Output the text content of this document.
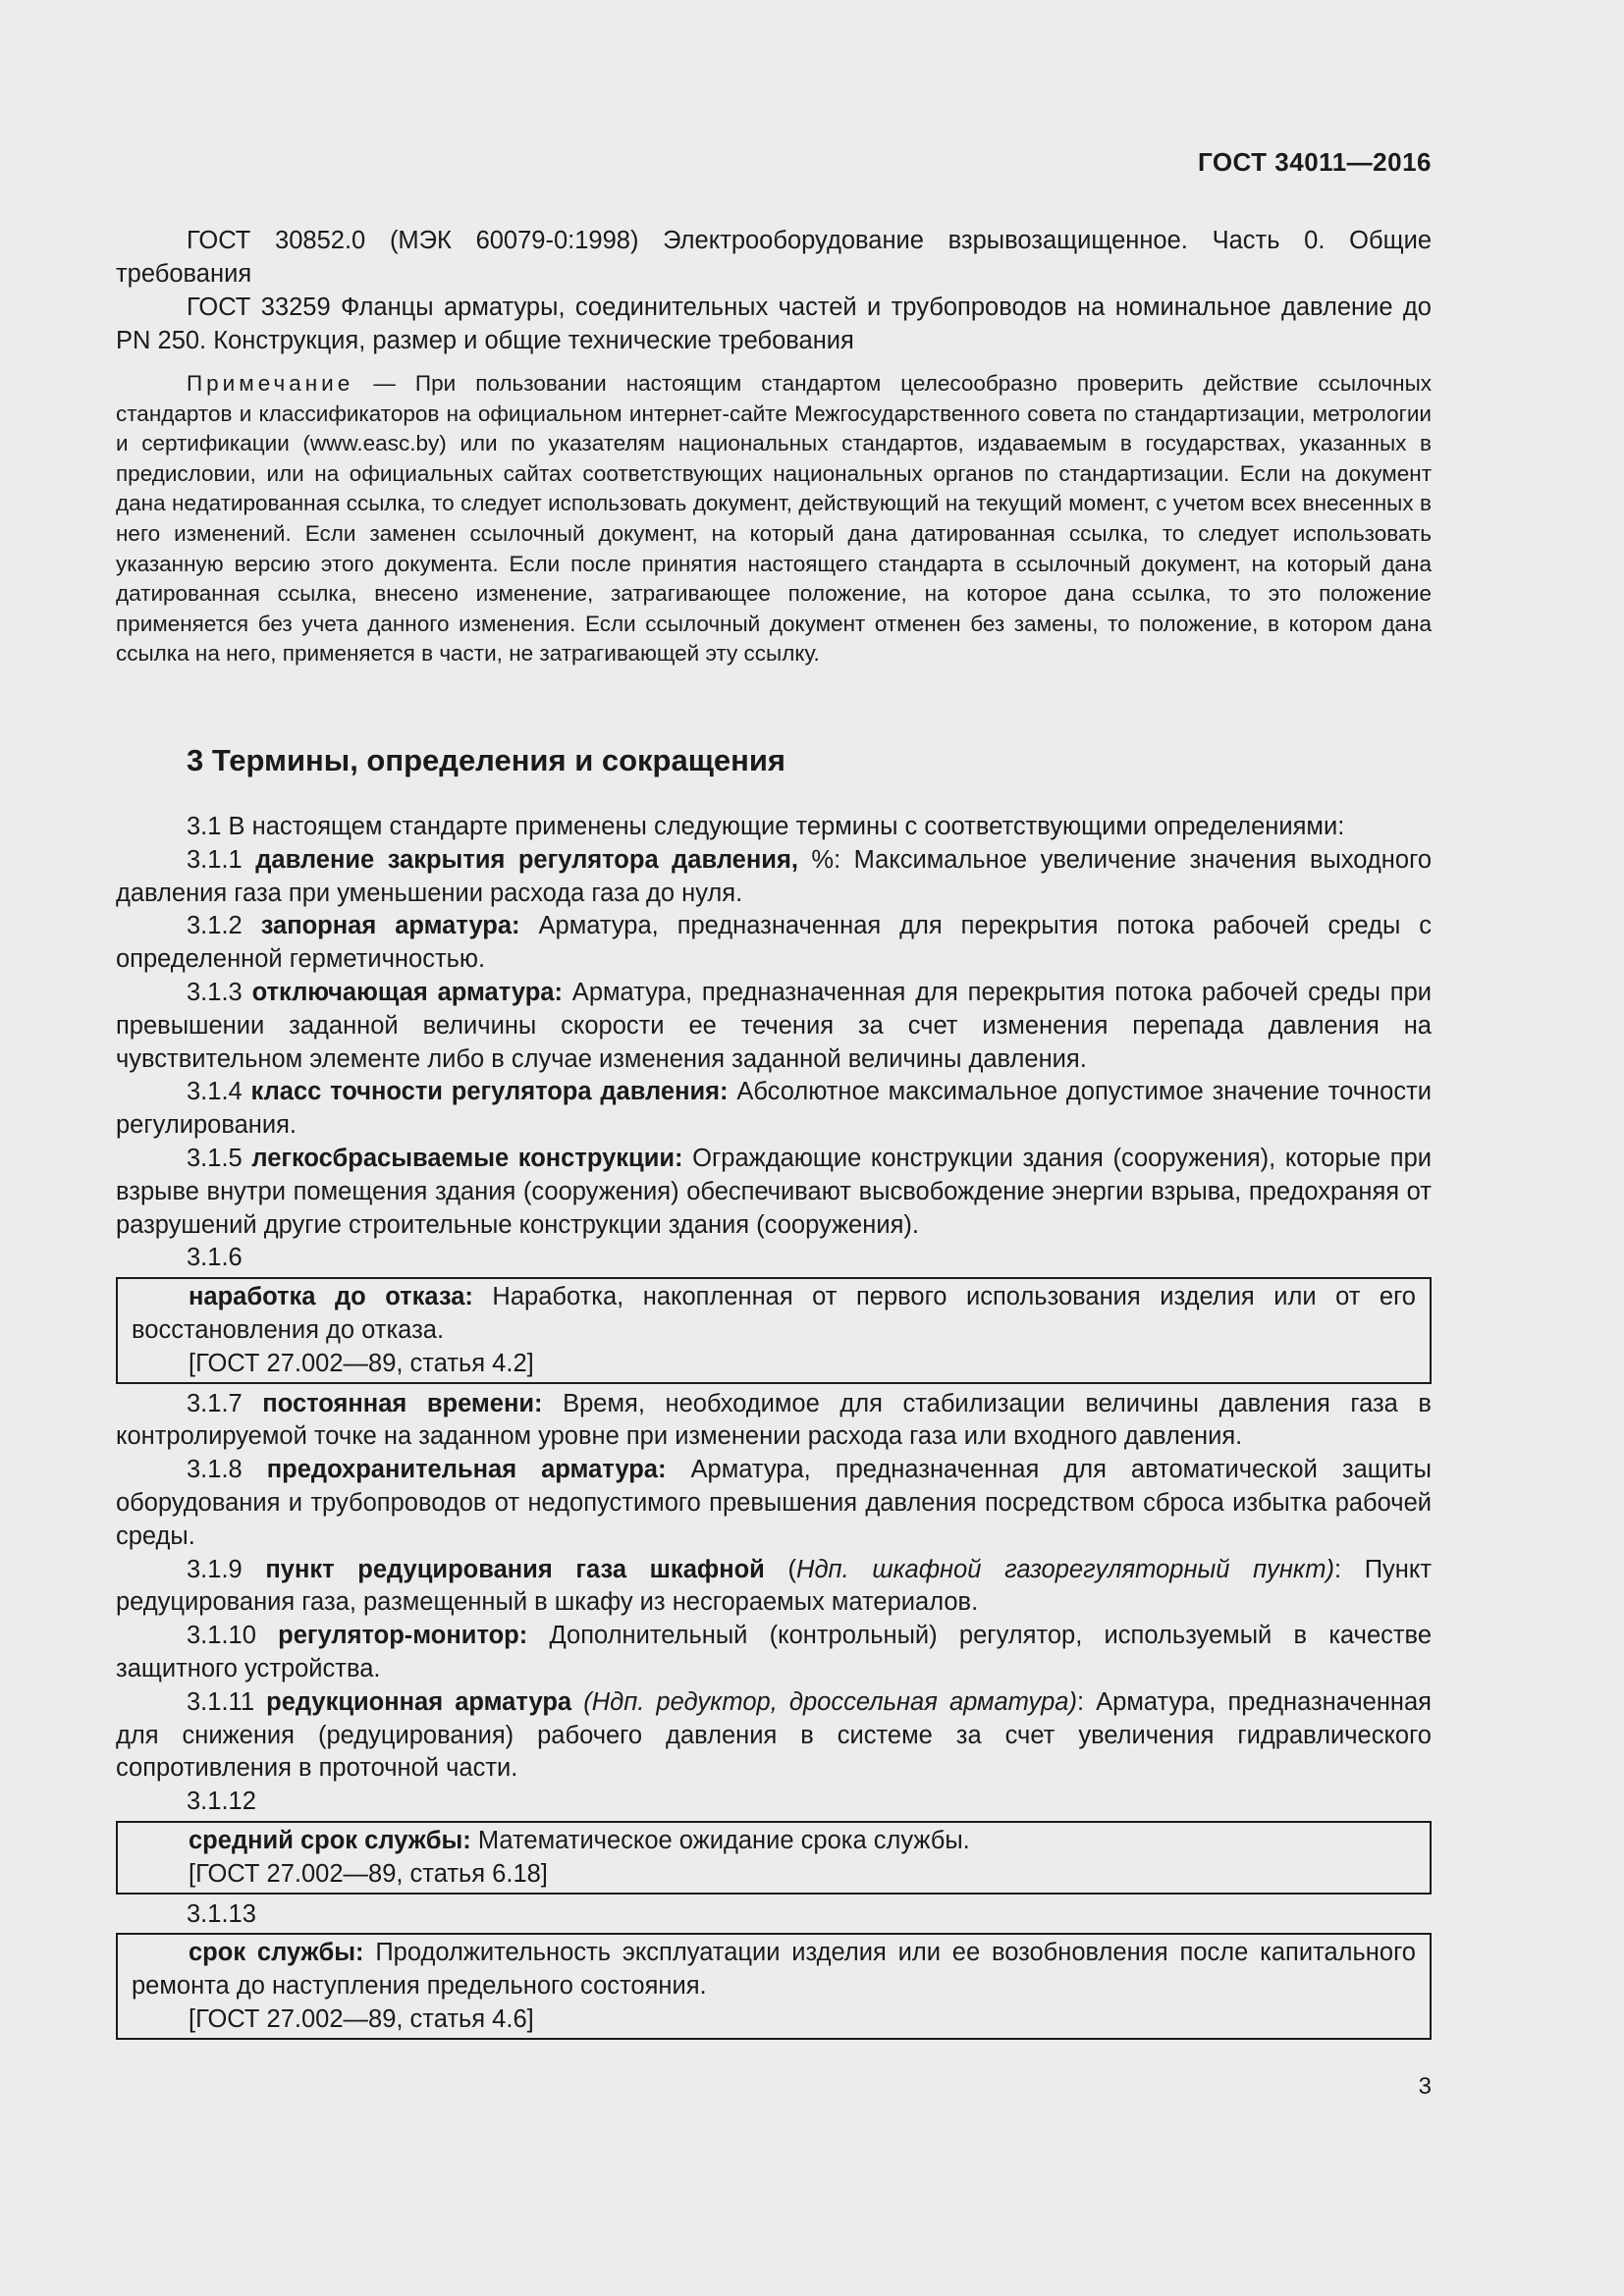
ГОСТ 34011—2016

ГОСТ 30852.0 (МЭК 60079-0:1998) Электрооборудование взрывозащищенное. Часть 0. Общие требования

ГОСТ 33259 Фланцы арматуры, соединительных частей и трубопроводов на номинальное давление до PN 250. Конструкция, размер и общие технические требования

Примечание — При пользовании настоящим стандартом целесообразно проверить действие ссылочных стандартов и классификаторов на официальном интернет-сайте Межгосударственного совета по стандартизации, метрологии и сертификации (www.easc.by) или по указателям национальных стандартов, издаваемым в государствах, указанных в предисловии, или на официальных сайтах соответствующих национальных органов по стандартизации. Если на документ дана недатированная ссылка, то следует использовать документ, действующий на текущий момент, с учетом всех внесенных в него изменений. Если заменен ссылочный документ, на который дана датированная ссылка, то следует использовать указанную версию этого документа. Если после принятия настоящего стандарта в ссылочный документ, на который дана датированная ссылка, внесено изменение, затрагивающее положение, на которое дана ссылка, то это положение применяется без учета данного изменения. Если ссылочный документ отменен без замены, то положение, в котором дана ссылка на него, применяется в части, не затрагивающей эту ссылку.

3 Термины, определения и сокращения

3.1 В настоящем стандарте применены следующие термины с соответствующими определениями:

3.1.1 давление закрытия регулятора давления, %: Максимальное увеличение значения выходного давления газа при уменьшении расхода газа до нуля.

3.1.2 запорная арматура: Арматура, предназначенная для перекрытия потока рабочей среды с определенной герметичностью.

3.1.3 отключающая арматура: Арматура, предназначенная для перекрытия потока рабочей среды при превышении заданной величины скорости ее течения за счет изменения перепада давления на чувствительном элементе либо в случае изменения заданной величины давления.

3.1.4 класс точности регулятора давления: Абсолютное максимальное допустимое значение точности регулирования.

3.1.5 легкосбрасываемые конструкции: Ограждающие конструкции здания (сооружения), которые при взрыве внутри помещения здания (сооружения) обеспечивают высвобождение энергии взрыва, предохраняя от разрушений другие строительные конструкции здания (сооружения).

3.1.6

наработка до отказа: Наработка, накопленная от первого использования изделия или от его восстановления до отказа.

[ГОСТ 27.002—89, статья 4.2]

3.1.7 постоянная времени: Время, необходимое для стабилизации величины давления газа в контролируемой точке на заданном уровне при изменении расхода газа или входного давления.

3.1.8 предохранительная арматура: Арматура, предназначенная для автоматической защиты оборудования и трубопроводов от недопустимого превышения давления посредством сброса избытка рабочей среды.

3.1.9 пункт редуцирования газа шкафной (Ндп. шкафной газорегуляторный пункт): Пункт редуцирования газа, размещенный в шкафу из несгораемых материалов.

3.1.10 регулятор-монитор: Дополнительный (контрольный) регулятор, используемый в качестве защитного устройства.

3.1.11 редукционная арматура (Ндп. редуктор, дроссельная арматура): Арматура, предназначенная для снижения (редуцирования) рабочего давления в системе за счет увеличения гидравлического сопротивления в проточной части.

3.1.12

средний срок службы: Математическое ожидание срока службы.

[ГОСТ 27.002—89, статья 6.18]

3.1.13

срок службы: Продолжительность эксплуатации изделия или ее возобновления после капитального ремонта до наступления предельного состояния.

[ГОСТ 27.002—89, статья 4.6]

3
